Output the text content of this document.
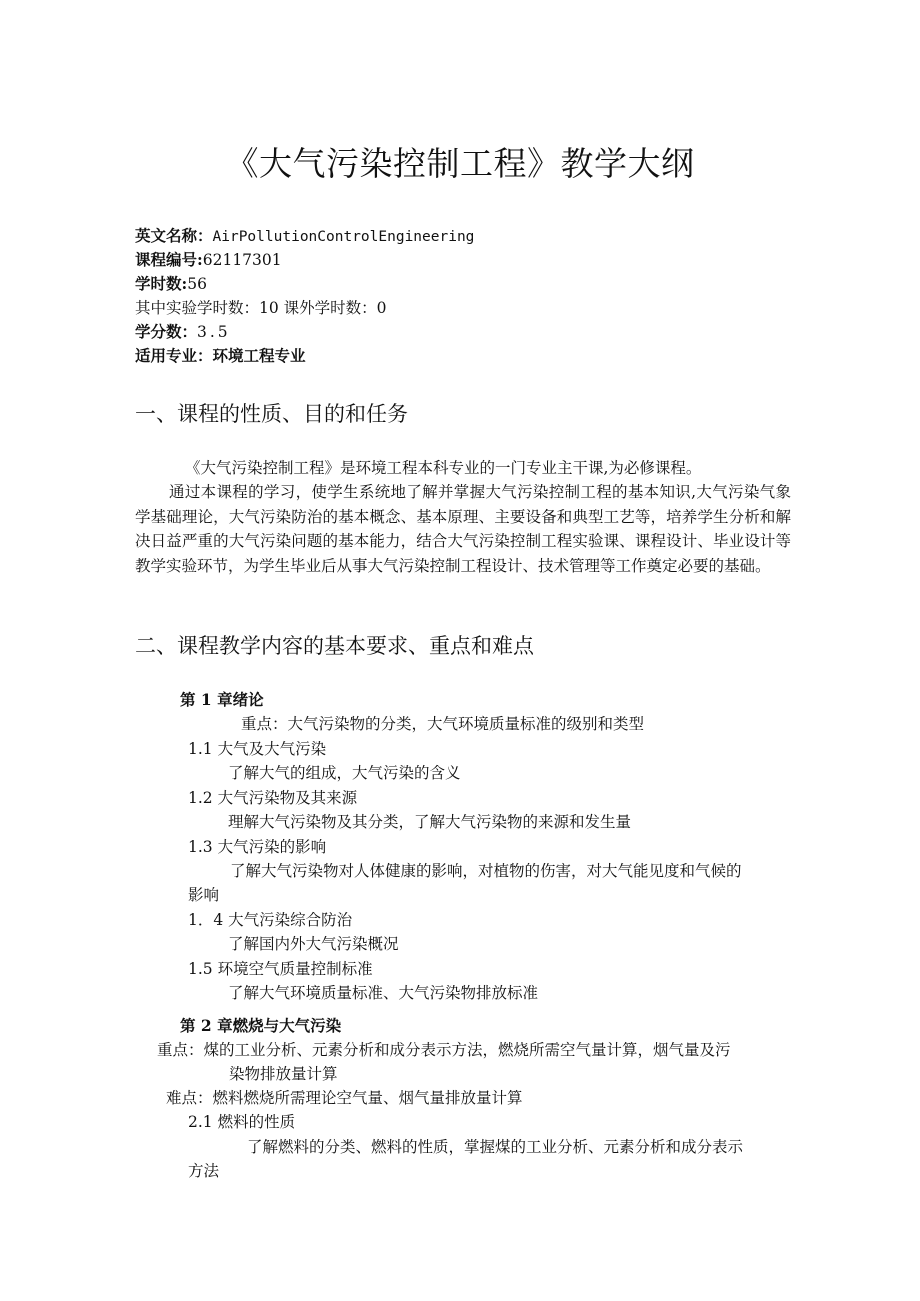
《大气污染控制工程》教学大纲
英文名称：AirPollutionControlEngineering
课程编号:62117301
学时数:56
其中实验学时数：10 课外学时数：0
学分数：3.5
适用专业：环境工程专业
一、课程的性质、目的和任务
《大气污染控制工程》是环境工程本科专业的一门专业主干课,为必修课程。
通过本课程的学习，使学生系统地了解并掌握大气污染控制工程的基本知识,大气污染气象学基础理论，大气污染防治的基本概念、基本原理、主要设备和典型工艺等，培养学生分析和解决日益严重的大气污染问题的基本能力，结合大气污染控制工程实验课、课程设计、毕业设计等教学实验环节，为学生毕业后从事大气污染控制工程设计、技术管理等工作奠定必要的基础。
二、课程教学内容的基本要求、重点和难点
第 1 章绪论
重点：大气污染物的分类，大气环境质量标准的级别和类型
1.1 大气及大气污染
了解大气的组成，大气污染的含义
1.2 大气污染物及其来源
理解大气污染物及其分类，了解大气污染物的来源和发生量
1.3 大气污染的影响
了解大气污染物对人体健康的影响，对植物的伤害，对大气能见度和气候的
影响
1．4 大气污染综合防治
了解国内外大气污染概况
1.5 环境空气质量控制标准
了解大气环境质量标准、大气污染物排放标准
第 2 章燃烧与大气污染
重点：煤的工业分析、元素分析和成分表示方法，燃烧所需空气量计算，烟气量及污
染物排放量计算
难点：燃料燃烧所需理论空气量、烟气量排放量计算
2.1 燃料的性质
了解燃料的分类、燃料的性质，掌握煤的工业分析、元素分析和成分表示
方法
